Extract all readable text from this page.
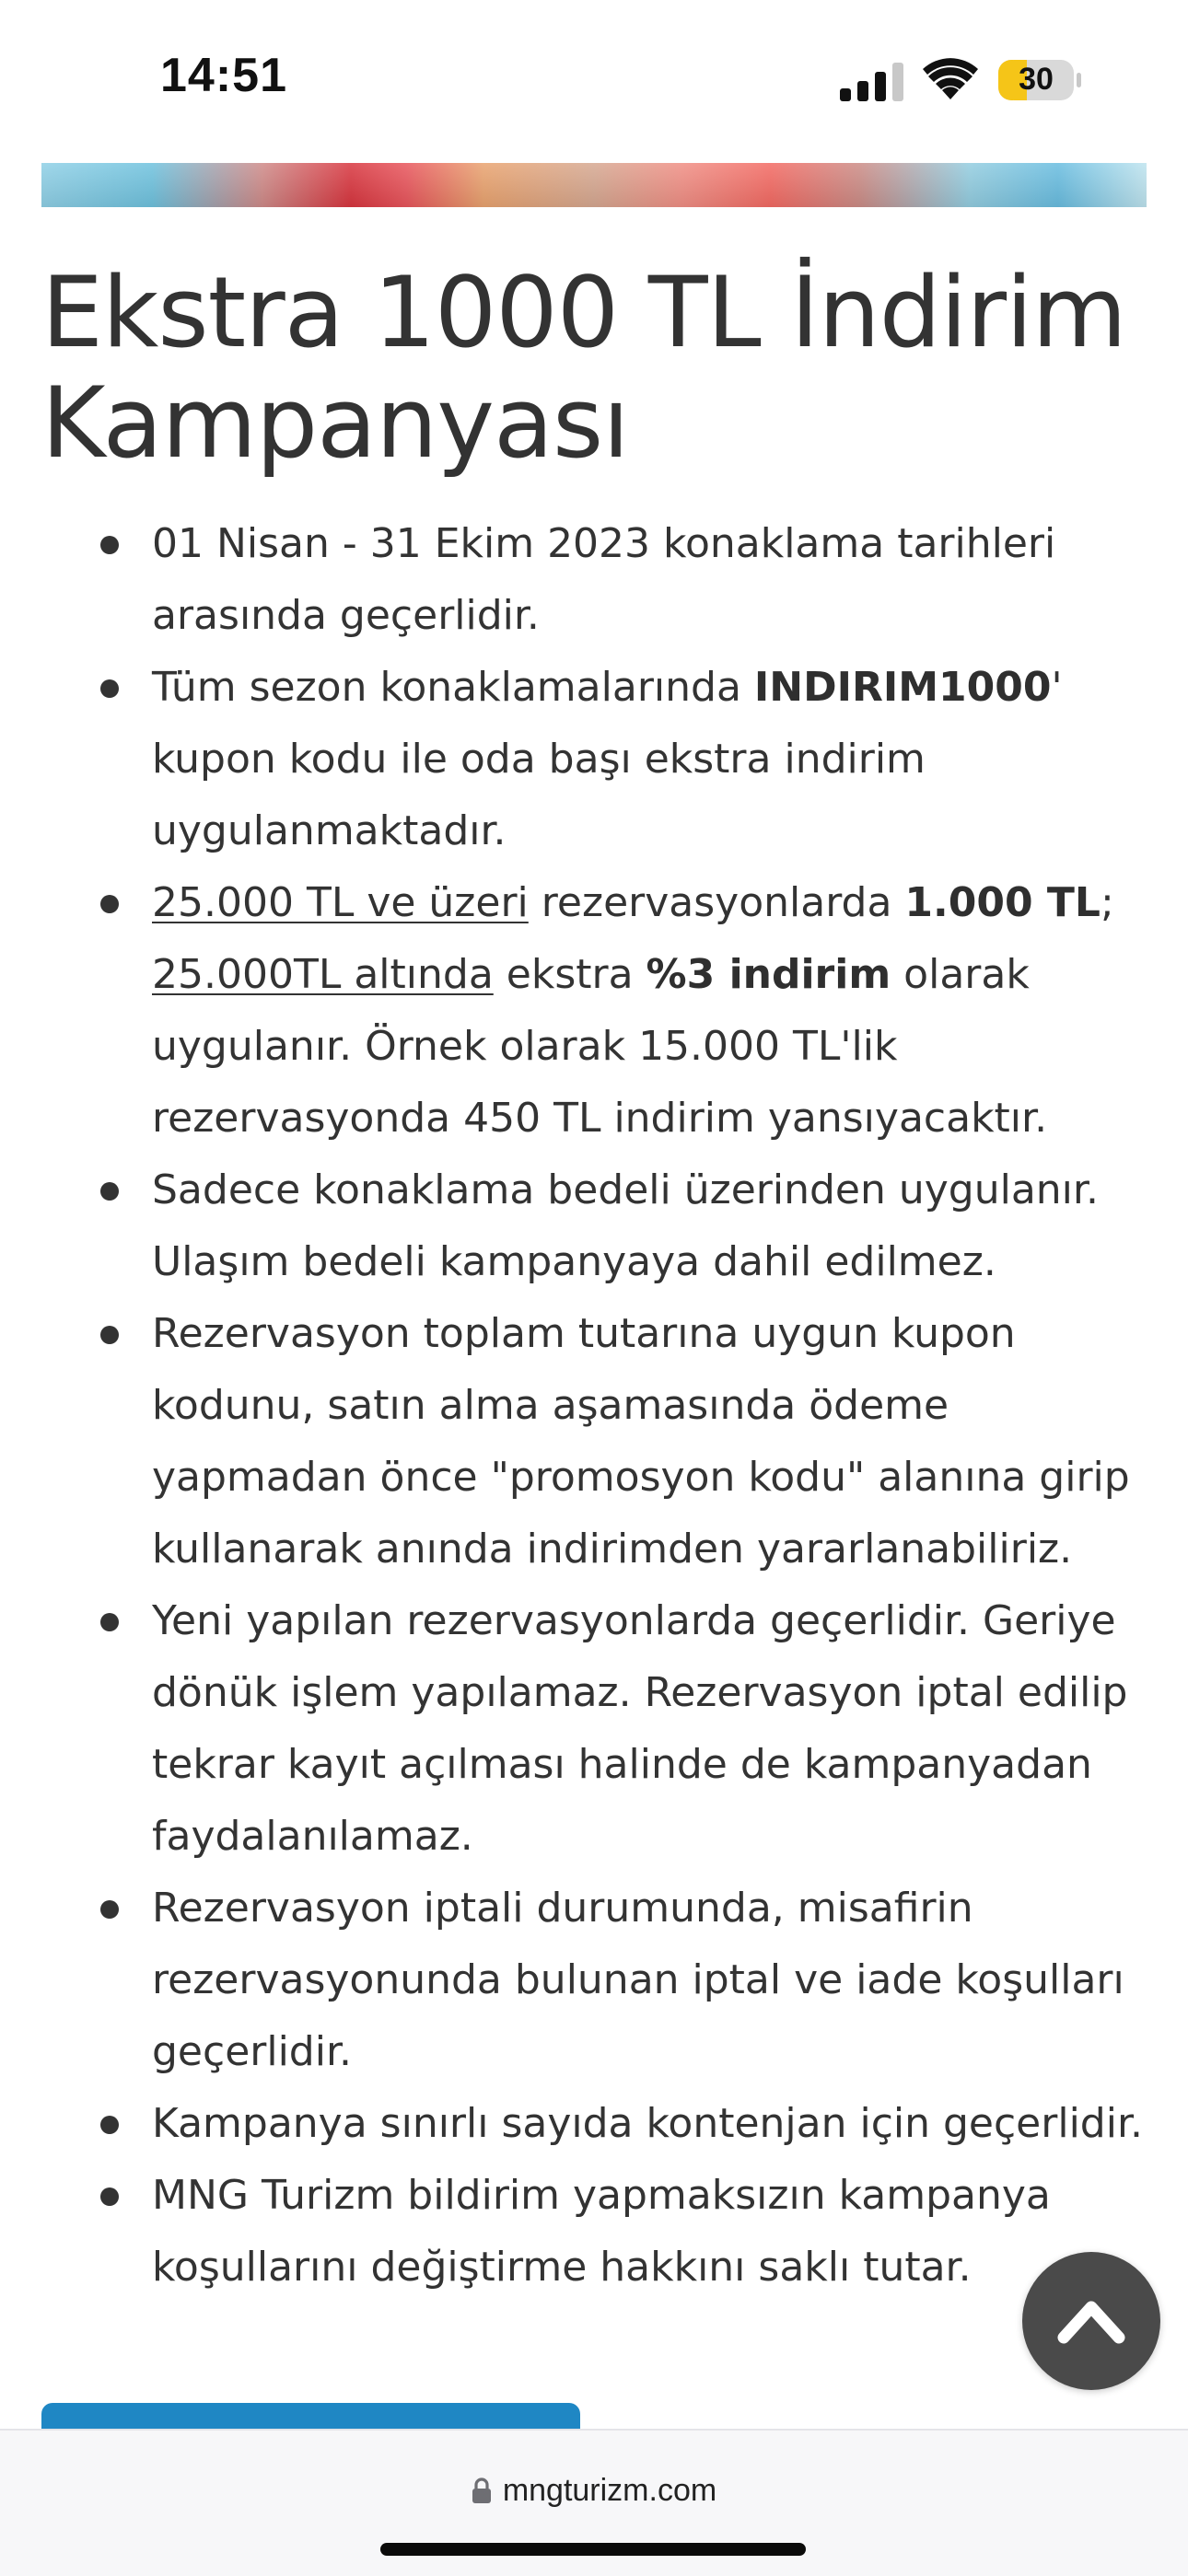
14:51	30
Ekstra 1000 TL İndirim Kampanyası
01 Nisan - 31 Ekim 2023 konaklama tarihleri arasında geçerlidir.
Tüm sezon konaklamalarında INDIRIM1000' kupon kodu ile oda başı ekstra indirim uygulanmaktadır.
25.000 TL ve üzeri rezervasyonlarda 1.000 TL; 25.000TL altında ekstra %3 indirim olarak uygulanır. Örnek olarak 15.000 TL'lik rezervasyonda 450 TL indirim yansıyacaktır.
Sadece konaklama bedeli üzerinden uygulanır. Ulaşım bedeli kampanyaya dahil edilmez.
Rezervasyon toplam tutarına uygun kupon kodunu, satın alma aşamasında ödeme yapmadan önce "promosyon kodu" alanına girip kullanarak anında indirimden yararlanabiliriz.
Yeni yapılan rezervasyonlarda geçerlidir. Geriye dönük işlem yapılamaz. Rezervasyon iptal edilip tekrar kayıt açılması halinde de kampanyadan faydalanılamaz.
Rezervasyon iptali durumunda, misafirin rezervasyonunda bulunan iptal ve iade koşulları geçerlidir.
Kampanya sınırlı sayıda kontenjan için geçerlidir.
MNG Turizm bildirim yapmaksızın kampanya koşullarını değiştirme hakkını saklı tutar.
mngturizm.com
